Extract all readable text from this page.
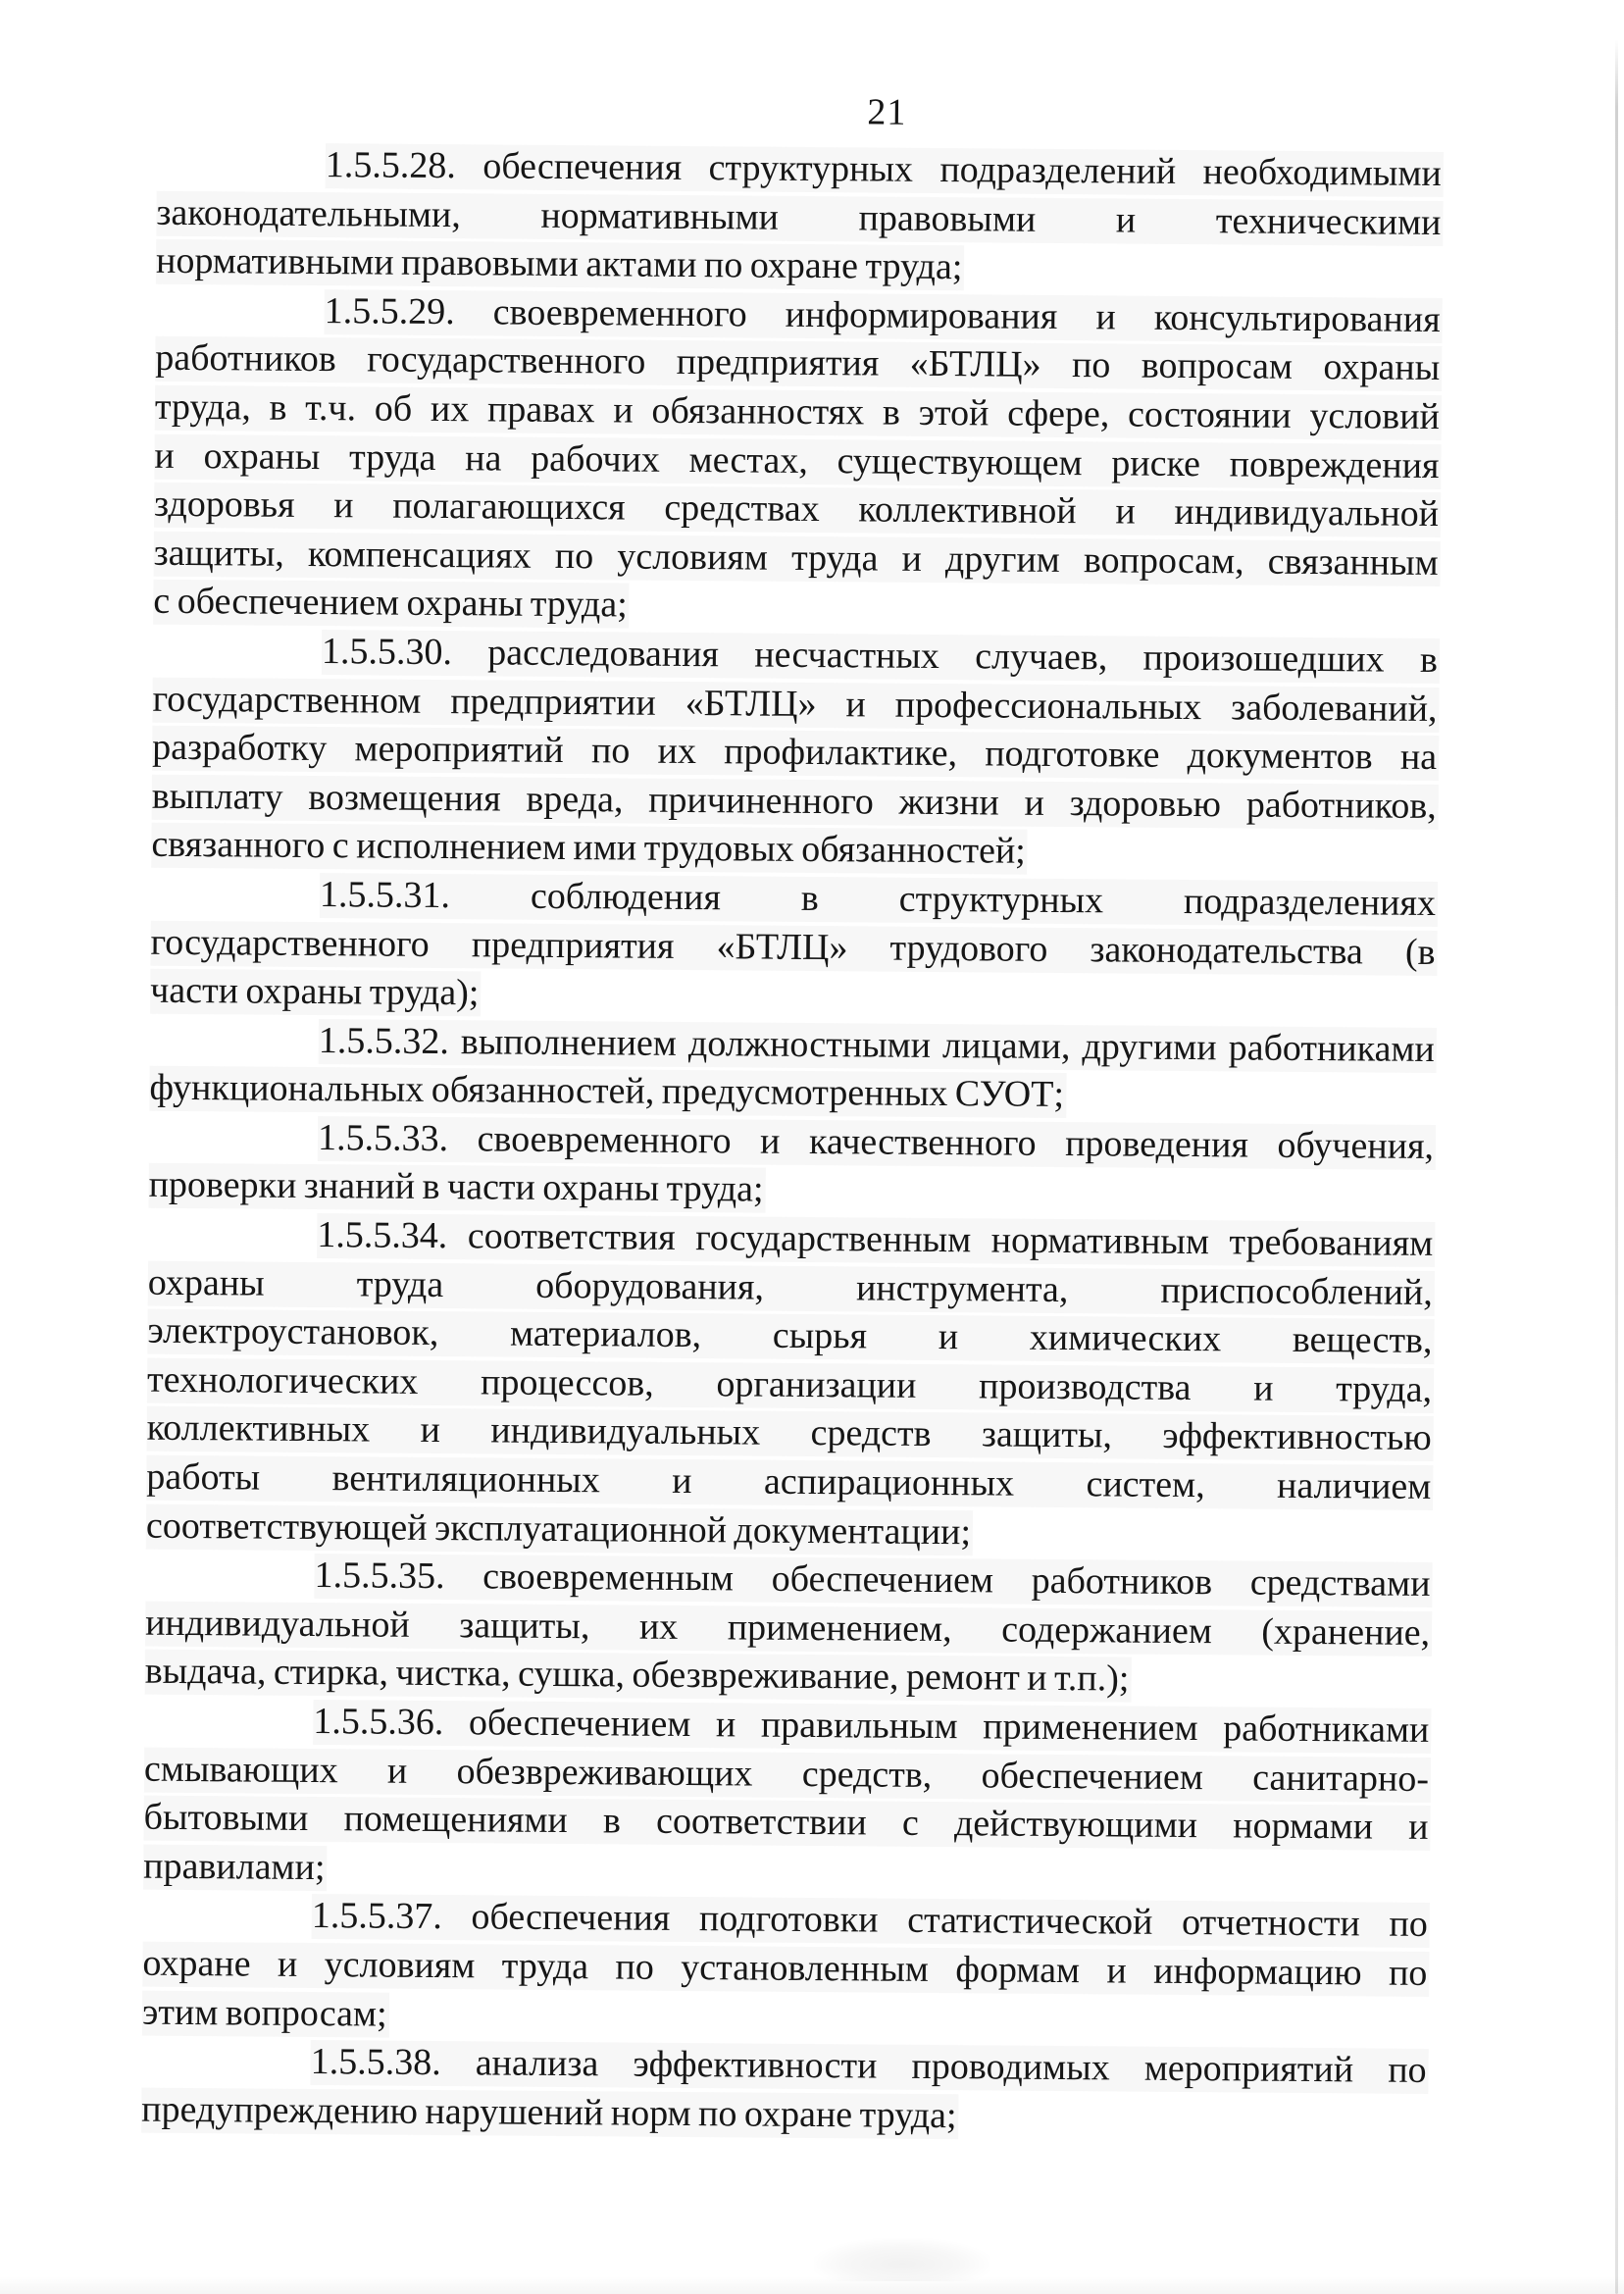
21
1.5.5.28. обеспечения структурных подразделений необходимыми
законодательными, нормативными правовыми и техническими
нормативными правовыми актами по охране труда;
1.5.5.29. своевременного информирования и консультирования
работников государственного предприятия «БТЛЦ» по вопросам охраны
труда, в т.ч. об их правах и обязанностях в этой сфере, состоянии условий
и охраны труда на рабочих местах, существующем риске повреждения
здоровья и полагающихся средствах коллективной и индивидуальной
защиты, компенсациях по условиям труда и другим вопросам, связанным
с обеспечением охраны труда;
1.5.5.30. расследования несчастных случаев, произошедших в
государственном предприятии «БТЛЦ» и профессиональных заболеваний,
разработку мероприятий по их профилактике, подготовке документов на
выплату возмещения вреда, причиненного жизни и здоровью работников,
связанного с исполнением ими трудовых обязанностей;
1.5.5.31. соблюдения в структурных подразделениях
государственного предприятия «БТЛЦ» трудового законодательства (в
части охраны труда);
1.5.5.32. выполнением должностными лицами, другими работниками
функциональных обязанностей, предусмотренных СУОТ;
1.5.5.33. своевременного и качественного проведения обучения,
проверки знаний в части охраны труда;
1.5.5.34. соответствия государственным нормативным требованиям
охраны труда оборудования, инструмента, приспособлений,
электроустановок, материалов, сырья и химических веществ,
технологических процессов, организации производства и труда,
коллективных и индивидуальных средств защиты, эффективностью
работы вентиляционных и аспирационных систем, наличием
соответствующей эксплуатационной документации;
1.5.5.35. своевременным обеспечением работников средствами
индивидуальной защиты, их применением, содержанием (хранение,
выдача, стирка, чистка, сушка, обезвреживание, ремонт и т.п.);
1.5.5.36. обеспечением и правильным применением работниками
смывающих и обезвреживающих средств, обеспечением санитарно-
бытовыми помещениями в соответствии с действующими нормами и
правилами;
1.5.5.37. обеспечения подготовки статистической отчетности по
охране и условиям труда по установленным формам и информацию по
этим вопросам;
1.5.5.38. анализа эффективности проводимых мероприятий по
предупреждению нарушений норм по охране труда;
